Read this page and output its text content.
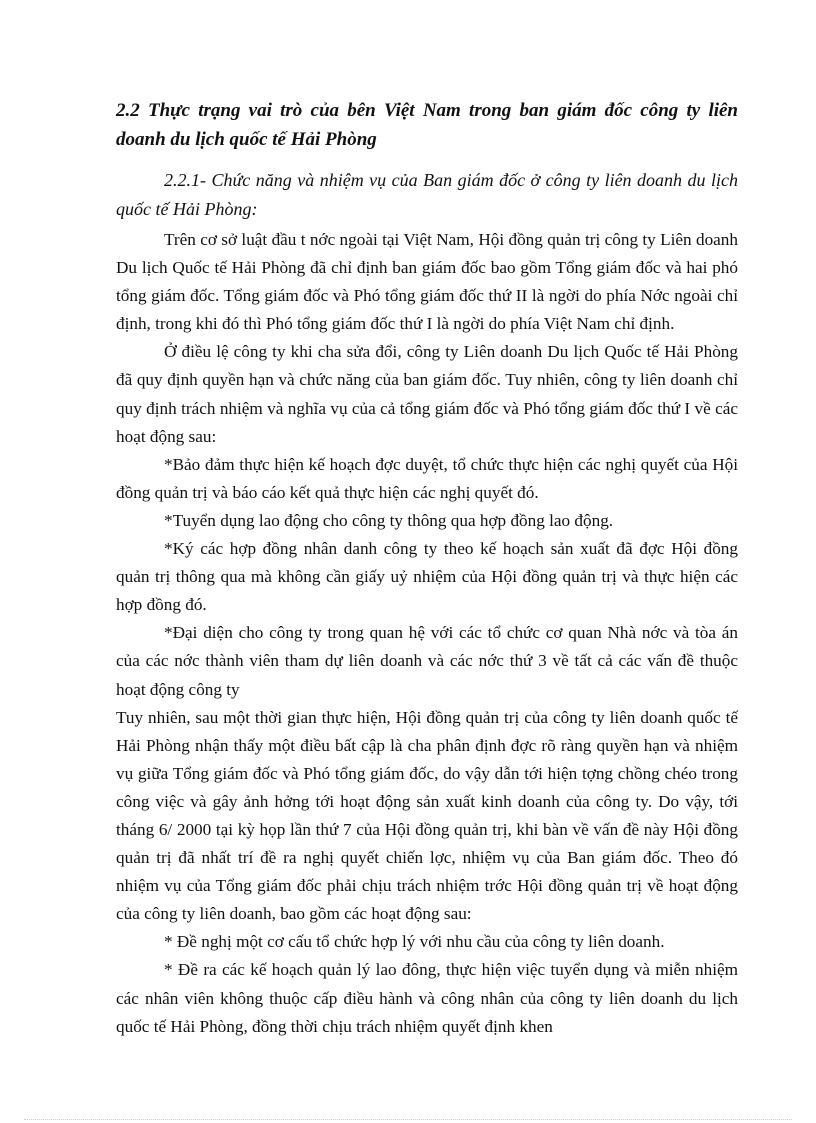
2.2 Thực trạng vai trò của bên Việt Nam trong ban giám đốc công ty liên doanh du lịch quốc tế Hải Phòng

2.2.1- Chức năng và nhiệm vụ của Ban giám đốc ở công ty liên doanh du lịch quốc tế Hải Phòng:

Trên cơ sở luật đầu t nớc ngoài tại Việt Nam, Hội đồng quản trị công ty Liên doanh Du lịch Quốc tế Hải Phòng đã chỉ định ban giám đốc bao gồm Tổng giám đốc và hai phó tổng giám đốc. Tổng giám đốc và Phó tổng giám đốc thứ II là ngời do phía Nớc ngoài chỉ định, trong khi đó thì Phó tổng giám đốc thứ I là ngời do phía Việt Nam chỉ định.

Ở điều lệ công ty khi cha sửa đổi, công ty Liên doanh Du lịch Quốc tế Hải Phòng đã quy định quyền hạn và chức năng của ban giám đốc. Tuy nhiên, công ty liên doanh chỉ quy định trách nhiệm và nghĩa vụ của cả tổng giám đốc và Phó tổng giám đốc thứ I về các hoạt động sau:

*Bảo đảm thực hiện kế hoạch đợc duyệt, tổ chức thực hiện các nghị quyết của Hội đồng quản trị và báo cáo kết quả thực hiện các nghị quyết đó.

*Tuyển dụng lao động cho công ty thông qua hợp đồng lao động.

*Ký các hợp đồng nhân danh công ty theo kế hoạch sản xuất đã đợc Hội đồng quản trị thông qua mà không cần giấy uỷ nhiệm của Hội đồng quản trị và thực hiện các hợp đồng đó.

*Đại diện cho công ty trong quan hệ với các tổ chức cơ quan Nhà nớc và tòa án của các nớc thành viên tham dự liên doanh và các nớc thứ 3 về tất cả các vấn đề thuộc hoạt động công ty

Tuy nhiên, sau một thời gian thực hiện, Hội đồng quản trị của công ty liên doanh quốc tế Hải Phòng nhận thấy một điều bất cập là cha phân định đợc rõ ràng quyền hạn và nhiệm vụ giữa Tổng giám đốc và Phó tổng giám đốc, do vậy dẫn tới hiện tợng chồng chéo trong công việc và gây ảnh hởng tới hoạt động sản xuất kinh doanh của công ty. Do vậy, tới tháng 6/ 2000 tại kỳ họp lần thứ 7 của Hội đồng quản trị, khi bàn về vấn đề này Hội đồng quản trị đã nhất trí đề ra nghị quyết chiến lợc, nhiệm vụ của Ban giám đốc. Theo đó nhiệm vụ của Tổng giám đốc phải chịu trách nhiệm trớc Hội đồng quản trị về hoạt động của công ty liên doanh, bao gồm các hoạt động sau:

* Đề nghị một cơ cấu tổ chức hợp lý với nhu cầu của công ty liên doanh.

* Đề ra các kế hoạch quản lý lao đông, thực hiện việc tuyển dụng và miễn nhiệm các nhân viên không thuộc cấp điều hành và công nhân của công ty liên doanh du lịch quốc tế Hải Phòng, đồng thời chịu trách nhiệm quyết định khen
